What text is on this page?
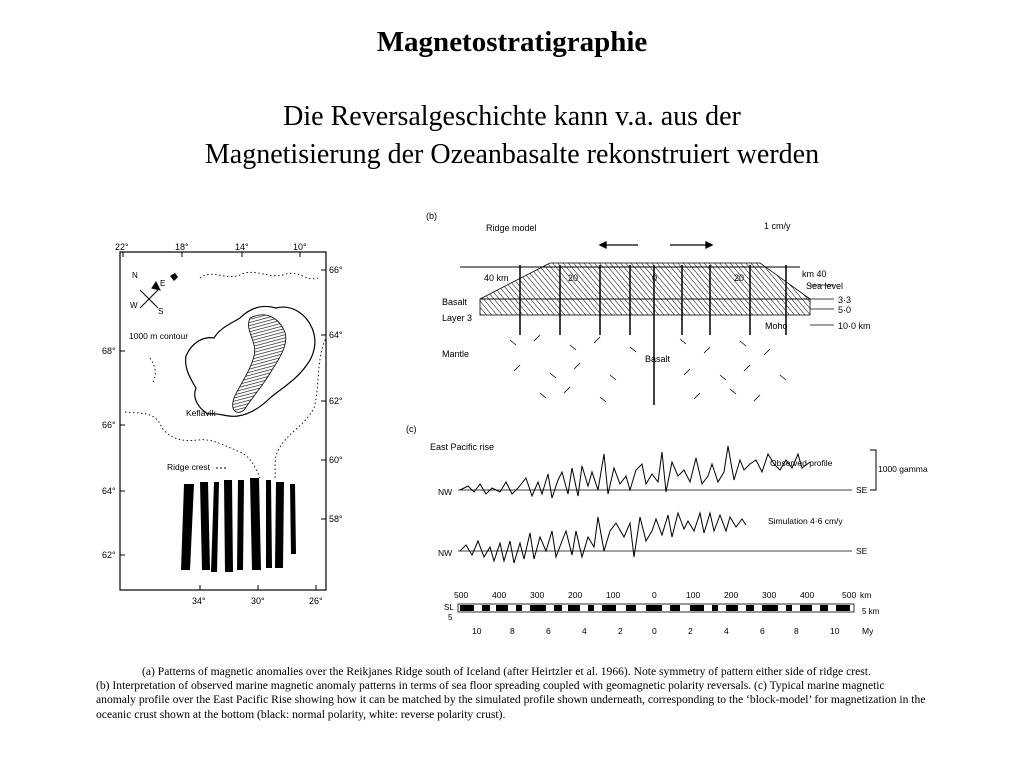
Magnetostratigraphie
Die Reversalgeschichte kann v.a. aus der
Magnetisierung der Ozeanbasalte rekonstruiert werden
22°	18°	14°	10°
34°	30°	26°
68°
66°
64°
62°
66°
64°
62°
60°
58°
N
E
W
S
1000 m contour
Keflavik
Ridge crest
(b)
Ridge model	1 cm/y
40 km	km 40
Sea level
Basalt
Layer 3
Mantle
Moho
Basalt
3·3
5·0
10·0 km
(c)
East Pacific rise
Observed profile
Simulation 4·6 cm/y
1000 gamma
NW	SE
NW	SE
500	400	300	200	100	0	100	200	300	400	500 km
SL
5
5 km
10	8	6	4	2	0	2	4	6	8	10	My

(a) Patterns of magnetic anomalies over the Reikjanes Ridge south of Iceland (after Heirtzler et al. 1966). Note symmetry of pattern either side of ridge crest.

(b) Interpretation of observed marine magnetic anomaly patterns in terms of sea floor spreading coupled with geomagnetic polarity reversals. (c) Typical marine magnetic anomaly profile over the East Pacific Rise showing how it can be matched by the simulated profile shown underneath, corresponding to the ‘block-model’ for magnetization in the oceanic crust shown at the bottom (black: normal polarity, white: reverse polarity crust).
